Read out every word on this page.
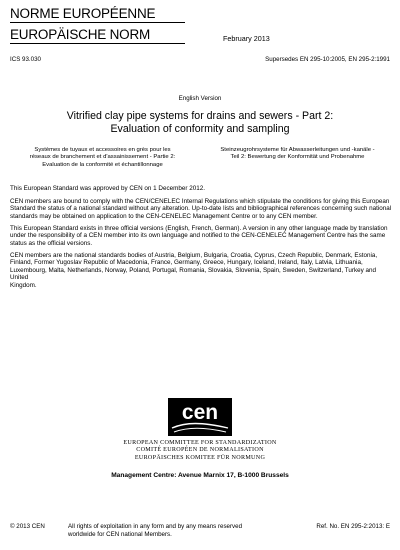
NORME EUROPÉENNE
EUROPÄISCHE NORM	February 2013
ICS 93.030	Supersedes EN 295-10:2005, EN 295-2:1991
English Version
Vitrified clay pipe systems for drains and sewers - Part 2:
Evaluation of conformity and sampling
Systèmes de tuyaux et accessoires en grès pour les
réseaux de branchement et d'assainissement - Partie 2:
Evaluation de la conformité et échantillonnage
Steinzeugrohrsysteme für Abwasserleitungen und -kanäle -
Teil 2: Bewertung der Konformität und Probenahme
This European Standard was approved by CEN on 1 December 2012.
CEN members are bound to comply with the CEN/CENELEC Internal Regulations which stipulate the conditions for giving this European
Standard the status of a national standard without any alteration. Up-to-date lists and bibliographical references concerning such national
standards may be obtained on application to the CEN-CENELEC Management Centre or to any CEN member.
This European Standard exists in three official versions (English, French, German). A version in any other language made by translation
under the responsibility of a CEN member into its own language and notified to the CEN-CENELEC Management Centre has the same
status as the official versions.
CEN members are the national standards bodies of Austria, Belgium, Bulgaria, Croatia, Cyprus, Czech Republic, Denmark, Estonia,
Finland, Former Yugoslav Republic of Macedonia, France, Germany, Greece, Hungary, Iceland, Ireland, Italy, Latvia, Lithuania,
Luxembourg, Malta, Netherlands, Norway, Poland, Portugal, Romania, Slovakia, Slovenia, Spain, Sweden, Switzerland, Turkey and United
Kingdom.
cen
EUROPEAN COMMITTEE FOR STANDARDIZATION
COMITÉ EUROPÉEN DE NORMALISATION
EUROPÄISCHES KOMITEE FÜR NORMUNG
Management Centre: Avenue Marnix 17, B-1000 Brussels
© 2013 CEN	All rights of exploitation in any form and by any means reserved
worldwide for CEN national Members.
Ref. No. EN 295-2:2013: E
